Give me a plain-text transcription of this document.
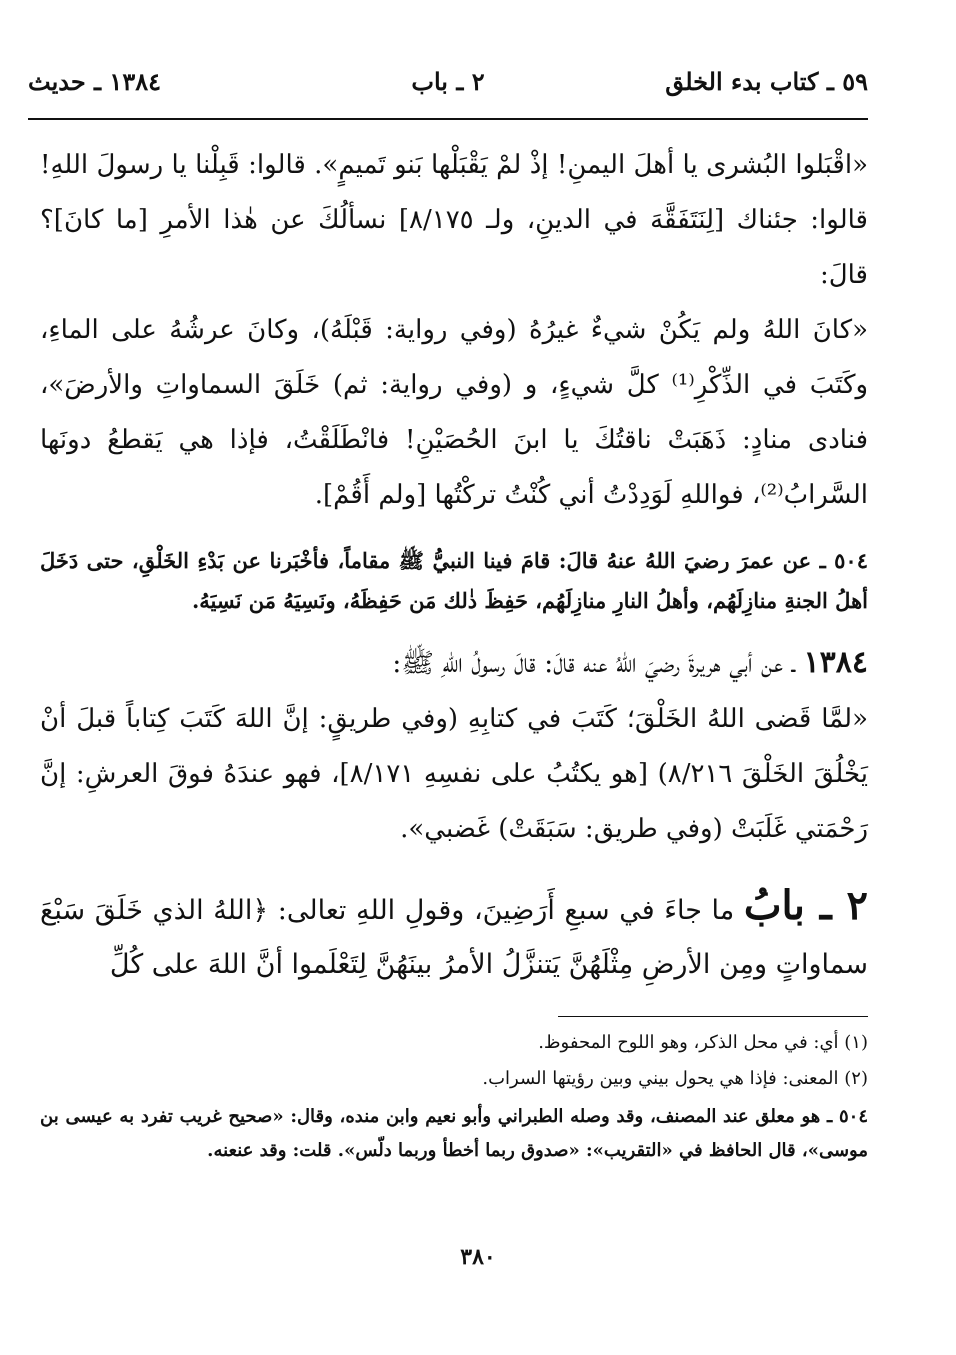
٥٩ ـ كتاب بدء الخلق
٢ ـ باب
١٣٨٤ ـ حديث

«اقْبَلوا البُشرى يا أهلَ اليمنِ! إذْ لمْ يَقْبَلْها بَنو تَميمٍ». قالوا: قَبِلْنا يا رسولَ اللهِ! قالوا: جئناك [لِنَتَفَقَّهَ في الدينِ، ولـ ٨/١٧٥] نسألُكَ عن هٰذا الأمرِ [ما كانَ]؟ قالَ:

«كانَ اللهُ ولم يَكُنْ شيءٌ غيرُهُ (وفي رواية: قَبْلَهُ)، وكانَ عرشُهُ على الماءِ، وكَتَبَ في الذِّكْرِ⁽¹⁾ كلَّ شيءٍ، و (وفي رواية: ثم) خَلَقَ السماواتِ والأرضَ»، فنادى منادٍ: ذَهَبَتْ ناقتُكَ يا ابنَ الحُصَيْنِ! فانْطَلَقْتُ، فإذا هي يَقطعُ دونَها السَّرابُ⁽²⁾، فواللهِ لَوَدِدْتُ أني كُنْتُ تركْتُها [ولم أَقُمْ].

٥٠٤ ـ عن عمرَ رضيَ اللهُ عنهُ قالَ: قامَ فينا النبيُّ ﷺ مقاماً، فأخْبَرنا عن بَدْءِ الخَلْقِ، حتى دَخَلَ أهلُ الجنةِ منازِلَهُم، وأهلُ النارِ منازِلَهُم، حَفِظَ ذٰلك مَن حَفِظَهُ، ونَسِيَهُ مَن نَسِيَهُ.

١٣٨٤ ـ عن أبي هريرةَ رضيَ اللهُ عنه قالَ: قالَ رسولُ اللهِ ﷺ:

«لمَّا قَضى اللهُ الخَلْقَ؛ كَتَبَ في كتابِهِ (وفي طريقٍ: إنَّ اللهَ كَتَبَ كِتاباً قبلَ أنْ يَخْلُقَ الخَلْقَ ٨/٢١٦) [هو يكتُبُ على نفسِهِ ٨/١٧١]، فهو عندَهُ فوقَ العرشِ: إنَّ رَحْمَتي غَلَبَتْ (وفي طريق: سَبَقَتْ) غَضبي».

٢ ـ بابُ ما جاءَ في سبعِ أَرَضِينَ، وقولِ اللهِ تعالى: ﴿اللهُ الذي خَلَقَ سَبْعَ سماواتٍ ومِن الأرضِ مِثْلَهُنَّ يَتنزَّلُ الأمرُ بينَهُنَّ لِتَعْلَموا أنَّ اللهَ على كُلِّ

(١) أي: في محل الذكر، وهو اللوح المحفوظ.

(٢) المعنى: فإذا هي يحول بيني وبين رؤيتها السراب.

٥٠٤ ـ هو معلق عند المصنف، وقد وصله الطبراني وأبو نعيم وابن منده، وقال: «صحيح غريب تفرد به عيسى بن موسى»، قال الحافظ في «التقريب»: «صدوق ربما أخطأ وربما دلّس». قلت: وقد عنعنه.

٣٨٠
